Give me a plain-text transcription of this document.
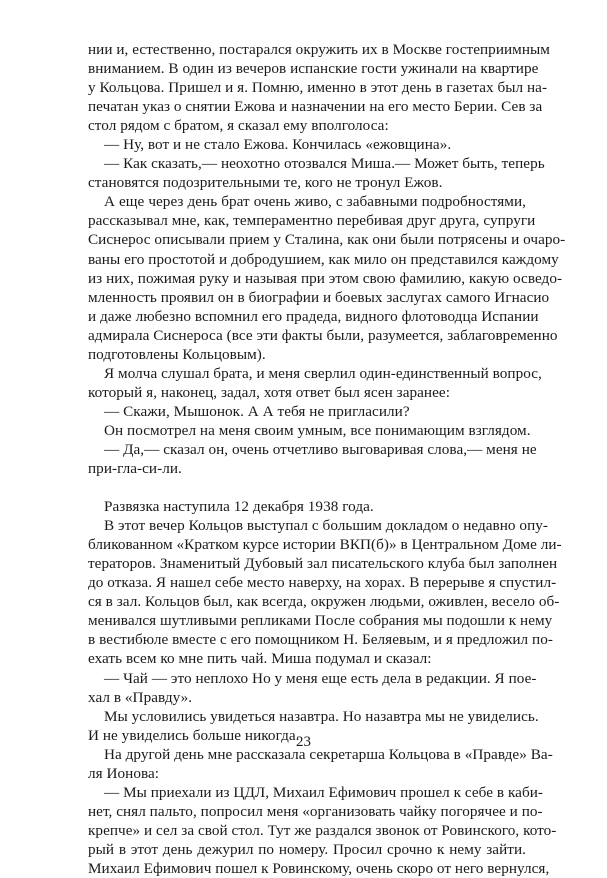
нии и, естественно, постарался окружить их в Москве гостеприимным
вниманием. В один из вечеров испанские гости ужинали на квартире
у Кольцова. Пришел и я. Помню, именно в этот день в газетах был на-
печатан указ о снятии Ежова и назначении на его место Берии. Сев за
стол рядом с братом, я сказал ему вполголоса:
— Ну, вот и не стало Ежова. Кончилась «ежовщина».
— Как сказать,— неохотно отозвался Миша.— Может быть, теперь
становятся подозрительными те, кого не тронул Ежов.
А еще через день брат очень живо, с забавными подробностями,
рассказывал мне, как, темпераментно перебивая друг друга, супруги
Сиснерос описывали прием у Сталина, как они были потрясены и очаро-
ваны его простотой и добродушием, как мило он представился каждому
из них, пожимая руку и называя при этом свою фамилию, какую осведо-
мленность проявил он в биографии и боевых заслугах самого Игнасио
и даже любезно вспомнил его прадеда, видного флотоводца Испании
адмирала Сиснероса (все эти факты были, разумеется, заблаговременно
подготовлены Кольцовым).
Я молча слушал брата, и меня сверлил один-единственный вопрос,
который я, наконец, задал, хотя ответ был ясен заранее:
— Скажи, Мышонок. А А тебя не пригласили?
Он посмотрел на меня своим умным, все понимающим взглядом.
— Да,— сказал он, очень отчетливо выговаривая слова,— меня не
при-гла-си-ли.
Развязка наступила 12 декабря 1938 года.
В этот вечер Кольцов выступал с большим докладом о недавно опу-
бликованном «Кратком курсе истории ВКП(б)» в Центральном Доме ли-
тераторов. Знаменитый Дубовый зал писательского клуба был заполнен
до отказа. Я нашел себе место наверху, на хорах. В перерыве я спустил-
ся в зал. Кольцов был, как всегда, окружен людьми, оживлен, весело об-
менивался шутливыми репликами После собрания мы подошли к нему
в вестибюле вместе с его помощником Н. Беляевым, и я предложил по-
ехать всем ко мне пить чай. Миша подумал и сказал:
— Чай — это неплохо Но у меня еще есть дела в редакции. Я пое-
хал в «Правду».
Мы условились увидеться назавтра. Но назавтра мы не увиделись.
И не увиделись больше никогда.
На другой день мне рассказала секретарша Кольцова в «Правде» Ва-
ля Ионова:
— Мы приехали из ЦДЛ, Михаил Ефимович прошел к себе в каби-
нет, снял пальто, попросил меня «организовать чайку погорячее и по-
крепче» и сел за свой стол. Тут же раздался звонок от Ровинского, кото-
рый в этот день дежурил по номеру. Просил срочно к нему зайти.
Михаил Ефимович пошел к Ровинскому, очень скоро от него вернулся,
23
